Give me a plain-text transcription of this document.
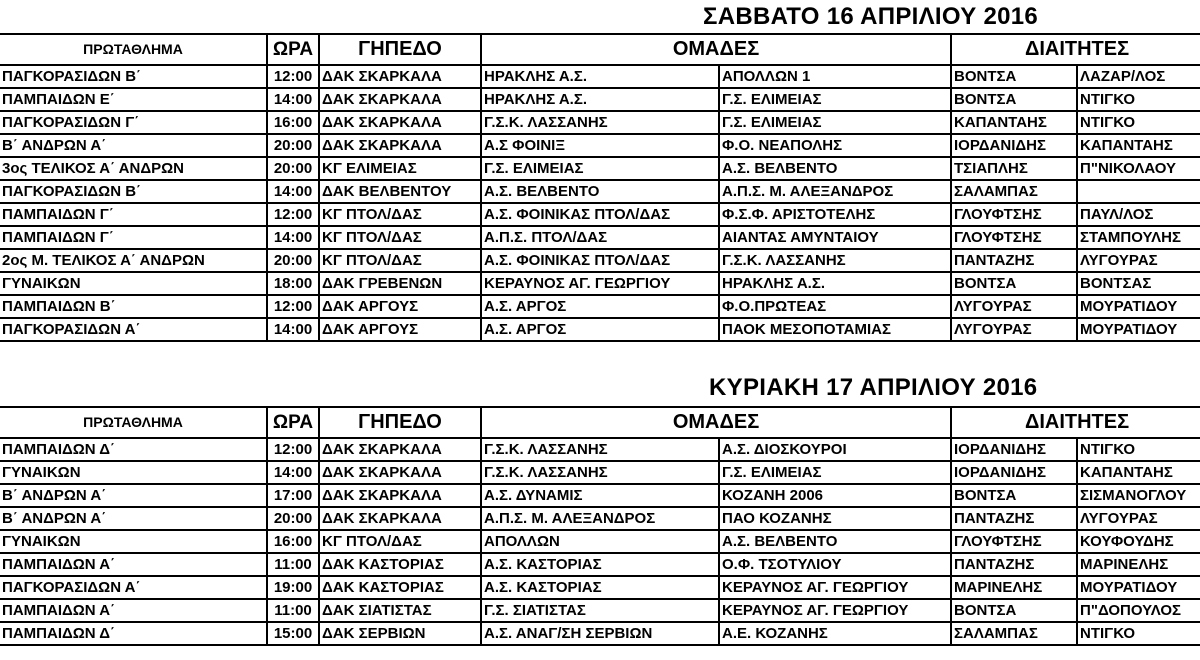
ΣΑΒΒΑΤΟ 16 ΑΠΡΙΛΙΟΥ 2016
ΠΡΩΤΑΘΛΗΜΑ	ΩΡΑ	ΓΗΠΕΔΟ	ΟΜΑΔΕΣ		ΔΙΑΙΤΗΤΕΣ	
ΠΑΓΚΟΡΑΣΙΔΩΝ Β΄	12:00	ΔΑΚ ΣΚΑΡΚΑΛΑ	ΗΡΑΚΛΗΣ Α.Σ.	ΑΠΟΛΛΩΝ 1	ΒΟΝΤΣΑ	ΛΑΖΑΡ/ΛΟΣ
ΠΑΜΠΑΙΔΩΝ Ε΄	14:00	ΔΑΚ ΣΚΑΡΚΑΛΑ	ΗΡΑΚΛΗΣ Α.Σ.	Γ.Σ. ΕΛΙΜΕΙΑΣ	ΒΟΝΤΣΑ	ΝΤΙΓΚΟ
ΠΑΓΚΟΡΑΣΙΔΩΝ Γ΄	16:00	ΔΑΚ ΣΚΑΡΚΑΛΑ	Γ.Σ.Κ. ΛΑΣΣΑΝΗΣ	Γ.Σ. ΕΛΙΜΕΙΑΣ	ΚΑΠΑΝΤΑΗΣ	ΝΤΙΓΚΟ
Β΄ ΑΝΔΡΩΝ Α΄	20:00	ΔΑΚ ΣΚΑΡΚΑΛΑ	Α.Σ ΦΟΙΝΙΞ	Φ.Ο. ΝΕΑΠΟΛΗΣ	ΙΟΡΔΑΝΙΔΗΣ	ΚΑΠΑΝΤΑΗΣ
3ος ΤΕΛΙΚΟΣ Α΄ ΑΝΔΡΩΝ	20:00	ΚΓ ΕΛΙΜΕΙΑΣ	Γ.Σ. ΕΛΙΜΕΙΑΣ	Α.Σ. ΒΕΛΒΕΝΤΟ	ΤΣΙΑΠΛΗΣ	Π"ΝΙΚΟΛΑΟΥ
ΠΑΓΚΟΡΑΣΙΔΩΝ Β΄	14:00	ΔΑΚ ΒΕΛΒΕΝΤΟΥ	Α.Σ. ΒΕΛΒΕΝΤΟ	Α.Π.Σ. Μ. ΑΛΕΞΑΝΔΡΟΣ	ΣΑΛΑΜΠΑΣ	
ΠΑΜΠΑΙΔΩΝ Γ΄	12:00	ΚΓ ΠΤΟΛ/ΔΑΣ	Α.Σ. ΦΟΙΝΙΚΑΣ ΠΤΟΛ/ΔΑΣ	Φ.Σ.Φ. ΑΡΙΣΤΟΤΕΛΗΣ	ΓΛΟΥΦΤΣΗΣ	ΠΑΥΛ/ΛΟΣ
ΠΑΜΠΑΙΔΩΝ Γ΄	14:00	ΚΓ ΠΤΟΛ/ΔΑΣ	Α.Π.Σ. ΠΤΟΛ/ΔΑΣ	ΑΙΑΝΤΑΣ ΑΜΥΝΤΑΙΟΥ	ΓΛΟΥΦΤΣΗΣ	ΣΤΑΜΠΟΥΛΗΣ
2ος Μ. ΤΕΛΙΚΟΣ Α΄ ΑΝΔΡΩΝ	20:00	ΚΓ ΠΤΟΛ/ΔΑΣ	Α.Σ. ΦΟΙΝΙΚΑΣ ΠΤΟΛ/ΔΑΣ	Γ.Σ.Κ. ΛΑΣΣΑΝΗΣ	ΠΑΝΤΑΖΗΣ	ΛΥΓΟΥΡΑΣ
ΓΥΝΑΙΚΩΝ	18:00	ΔΑΚ ΓΡΕΒΕΝΩΝ	ΚΕΡΑΥΝΟΣ ΑΓ. ΓΕΩΡΓΙΟΥ	ΗΡΑΚΛΗΣ Α.Σ.	ΒΟΝΤΣΑ	ΒΟΝΤΣΑΣ
ΠΑΜΠΑΙΔΩΝ Β΄	12:00	ΔΑΚ ΑΡΓΟΥΣ	Α.Σ. ΑΡΓΟΣ	Φ.Ο.ΠΡΩΤΕΑΣ	ΛΥΓΟΥΡΑΣ	ΜΟΥΡΑΤΙΔΟΥ
ΠΑΓΚΟΡΑΣΙΔΩΝ Α΄	14:00	ΔΑΚ ΑΡΓΟΥΣ	Α.Σ. ΑΡΓΟΣ	ΠΑΟΚ ΜΕΣΟΠΟΤΑΜΙΑΣ	ΛΥΓΟΥΡΑΣ	ΜΟΥΡΑΤΙΔΟΥ
ΚΥΡΙΑΚΗ 17 ΑΠΡΙΛΙΟΥ 2016
ΠΡΩΤΑΘΛΗΜΑ	ΩΡΑ	ΓΗΠΕΔΟ	ΟΜΑΔΕΣ		ΔΙΑΙΤΗΤΕΣ	
ΠΑΜΠΑΙΔΩΝ Δ΄	12:00	ΔΑΚ ΣΚΑΡΚΑΛΑ	Γ.Σ.Κ. ΛΑΣΣΑΝΗΣ	Α.Σ. ΔΙΟΣΚΟΥΡΟΙ	ΙΟΡΔΑΝΙΔΗΣ	ΝΤΙΓΚΟ
ΓΥΝΑΙΚΩΝ	14:00	ΔΑΚ ΣΚΑΡΚΑΛΑ	Γ.Σ.Κ. ΛΑΣΣΑΝΗΣ	Γ.Σ. ΕΛΙΜΕΙΑΣ	ΙΟΡΔΑΝΙΔΗΣ	ΚΑΠΑΝΤΑΗΣ
Β΄ ΑΝΔΡΩΝ Α΄	17:00	ΔΑΚ ΣΚΑΡΚΑΛΑ	Α.Σ. ΔΥΝΑΜΙΣ	ΚΟΖΑΝΗ 2006	ΒΟΝΤΣΑ	ΣΙΣΜΑΝΟΓΛΟΥ
Β΄ ΑΝΔΡΩΝ Α΄	20:00	ΔΑΚ ΣΚΑΡΚΑΛΑ	Α.Π.Σ. Μ. ΑΛΕΞΑΝΔΡΟΣ	ΠΑΟ ΚΟΖΑΝΗΣ	ΠΑΝΤΑΖΗΣ	ΛΥΓΟΥΡΑΣ
ΓΥΝΑΙΚΩΝ	16:00	ΚΓ ΠΤΟΛ/ΔΑΣ	ΑΠΟΛΛΩΝ	Α.Σ. ΒΕΛΒΕΝΤΟ	ΓΛΟΥΦΤΣΗΣ	ΚΟΥΦΟΥΔΗΣ
ΠΑΜΠΑΙΔΩΝ Α΄	11:00	ΔΑΚ ΚΑΣΤΟΡΙΑΣ	Α.Σ. ΚΑΣΤΟΡΙΑΣ	Ο.Φ. ΤΣΟΤΥΛΙΟΥ	ΠΑΝΤΑΖΗΣ	ΜΑΡΙΝΕΛΗΣ
ΠΑΓΚΟΡΑΣΙΔΩΝ Α΄	19:00	ΔΑΚ ΚΑΣΤΟΡΙΑΣ	Α.Σ. ΚΑΣΤΟΡΙΑΣ	ΚΕΡΑΥΝΟΣ ΑΓ. ΓΕΩΡΓΙΟΥ	ΜΑΡΙΝΕΛΗΣ	ΜΟΥΡΑΤΙΔΟΥ
ΠΑΜΠΑΙΔΩΝ Α΄	11:00	ΔΑΚ ΣΙΑΤΙΣΤΑΣ	Γ.Σ. ΣΙΑΤΙΣΤΑΣ	ΚΕΡΑΥΝΟΣ ΑΓ. ΓΕΩΡΓΙΟΥ	ΒΟΝΤΣΑ	Π"ΔΟΠΟΥΛΟΣ
ΠΑΜΠΑΙΔΩΝ Δ΄	15:00	ΔΑΚ ΣΕΡΒΙΩΝ	Α.Σ. ΑΝΑΓ/ΣΗ ΣΕΡΒΙΩΝ	Α.Ε. ΚΟΖΑΝΗΣ	ΣΑΛΑΜΠΑΣ	ΝΤΙΓΚΟ
